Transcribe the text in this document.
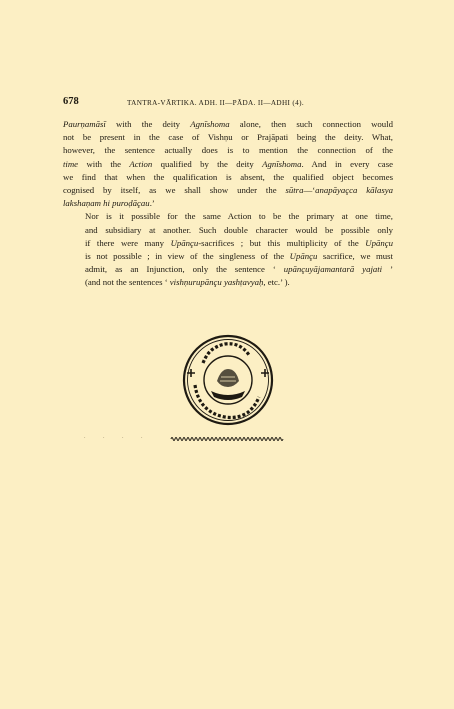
678	TANTRA-VĀRTIKA. ADH. II—PĀDA. II—ADHI (4).

Paurṇamāsī with the deity Agnīshoma alone, then such connection would
not be present in the case of Vishṇu or Prajāpati being the deity. What,
however, the sentence actually does is to mention the connection of the
time with the Action qualified by the deity Agnīshoma. And in every case
we find that when the qualification is absent, the qualified object becomes
cognised by itself, as we shall show under the sūtra—‘anapāyaçca kālasya
lakshaṇam hi puroḍāçau.’

Nor is it possible for the same Action to be the primary at one time,
and subsidiary at another. Such double character would be possible only
if there were many Upānçu-sacrifices ; but this multiplicity of the Upānçu
is not possible ; in view of the singleness of the Upānçu sacrifice, we must
admit, as an Injunction, only the sentence ‘ upānçuyājamantarā yajati ’
(and not the sentences ‘ vishṇurupānçu yashṭavyaḥ, etc.’ ).

. . . .
